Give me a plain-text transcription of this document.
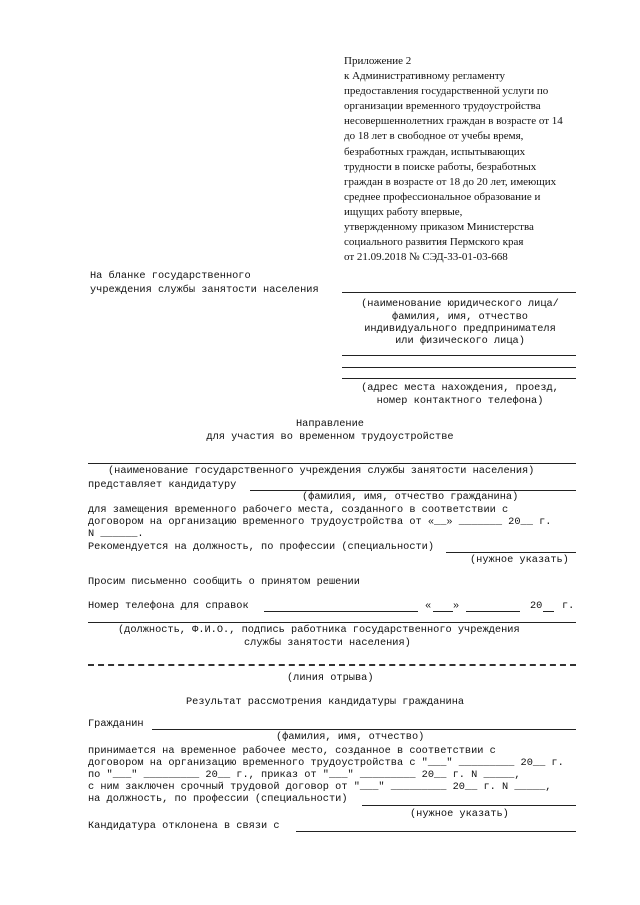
Приложение 2
к Административному регламенту
предоставления государственной услуги по
организации временного трудоустройства
несовершеннолетних граждан в возрасте от 14
до 18 лет в свободное от учебы время,
безработных граждан, испытывающих
трудности в поиске работы, безработных
граждан в возрасте от 18 до 20 лет, имеющих
среднее профессиональное образование и
ищущих работу впервые,
утвержденному приказом Министерства
социального развития Пермского края
от 21.09.2018 № СЭД-33-01-03-668
На бланке государственного
учреждения службы занятости населения
(наименование юридического лица/
фамилия, имя, отчество
индивидуального предпринимателя
или физического лица)
(адрес места нахождения, проезд,
номер контактного телефона)
Направление
для участия во временном трудоустройстве
(наименование государственного учреждения службы занятости населения)
представляет кандидатуру
(фамилия, имя, отчество гражданина)
для замещения временного рабочего места, созданного в соответствии с
договором на организацию временного трудоустройства от «__» _______ 20__ г.
N ______.
Рекомендуется на должность, по профессии (специальности)
(нужное указать)
Просим письменно сообщить о принятом решении
Номер телефона для справок	« »	20 г.
(должность, Ф.И.О., подпись работника государственного учреждения
службы занятости населения)
(линия отрыва)
Результат рассмотрения кандидатуры гражданина
Гражданин
(фамилия, имя, отчество)
принимается на временное рабочее место, созданное в соответствии с
договором на организацию временного трудоустройства с "___" _________ 20__ г.
по "___" _________ 20__ г., приказ от "___" _________ 20__ г. N _____,
с ним заключен срочный трудовой договор от "___" _________ 20__ г. N _____,
на должность, по профессии (специальности)
(нужное указать)
Кандидатура отклонена в связи с
